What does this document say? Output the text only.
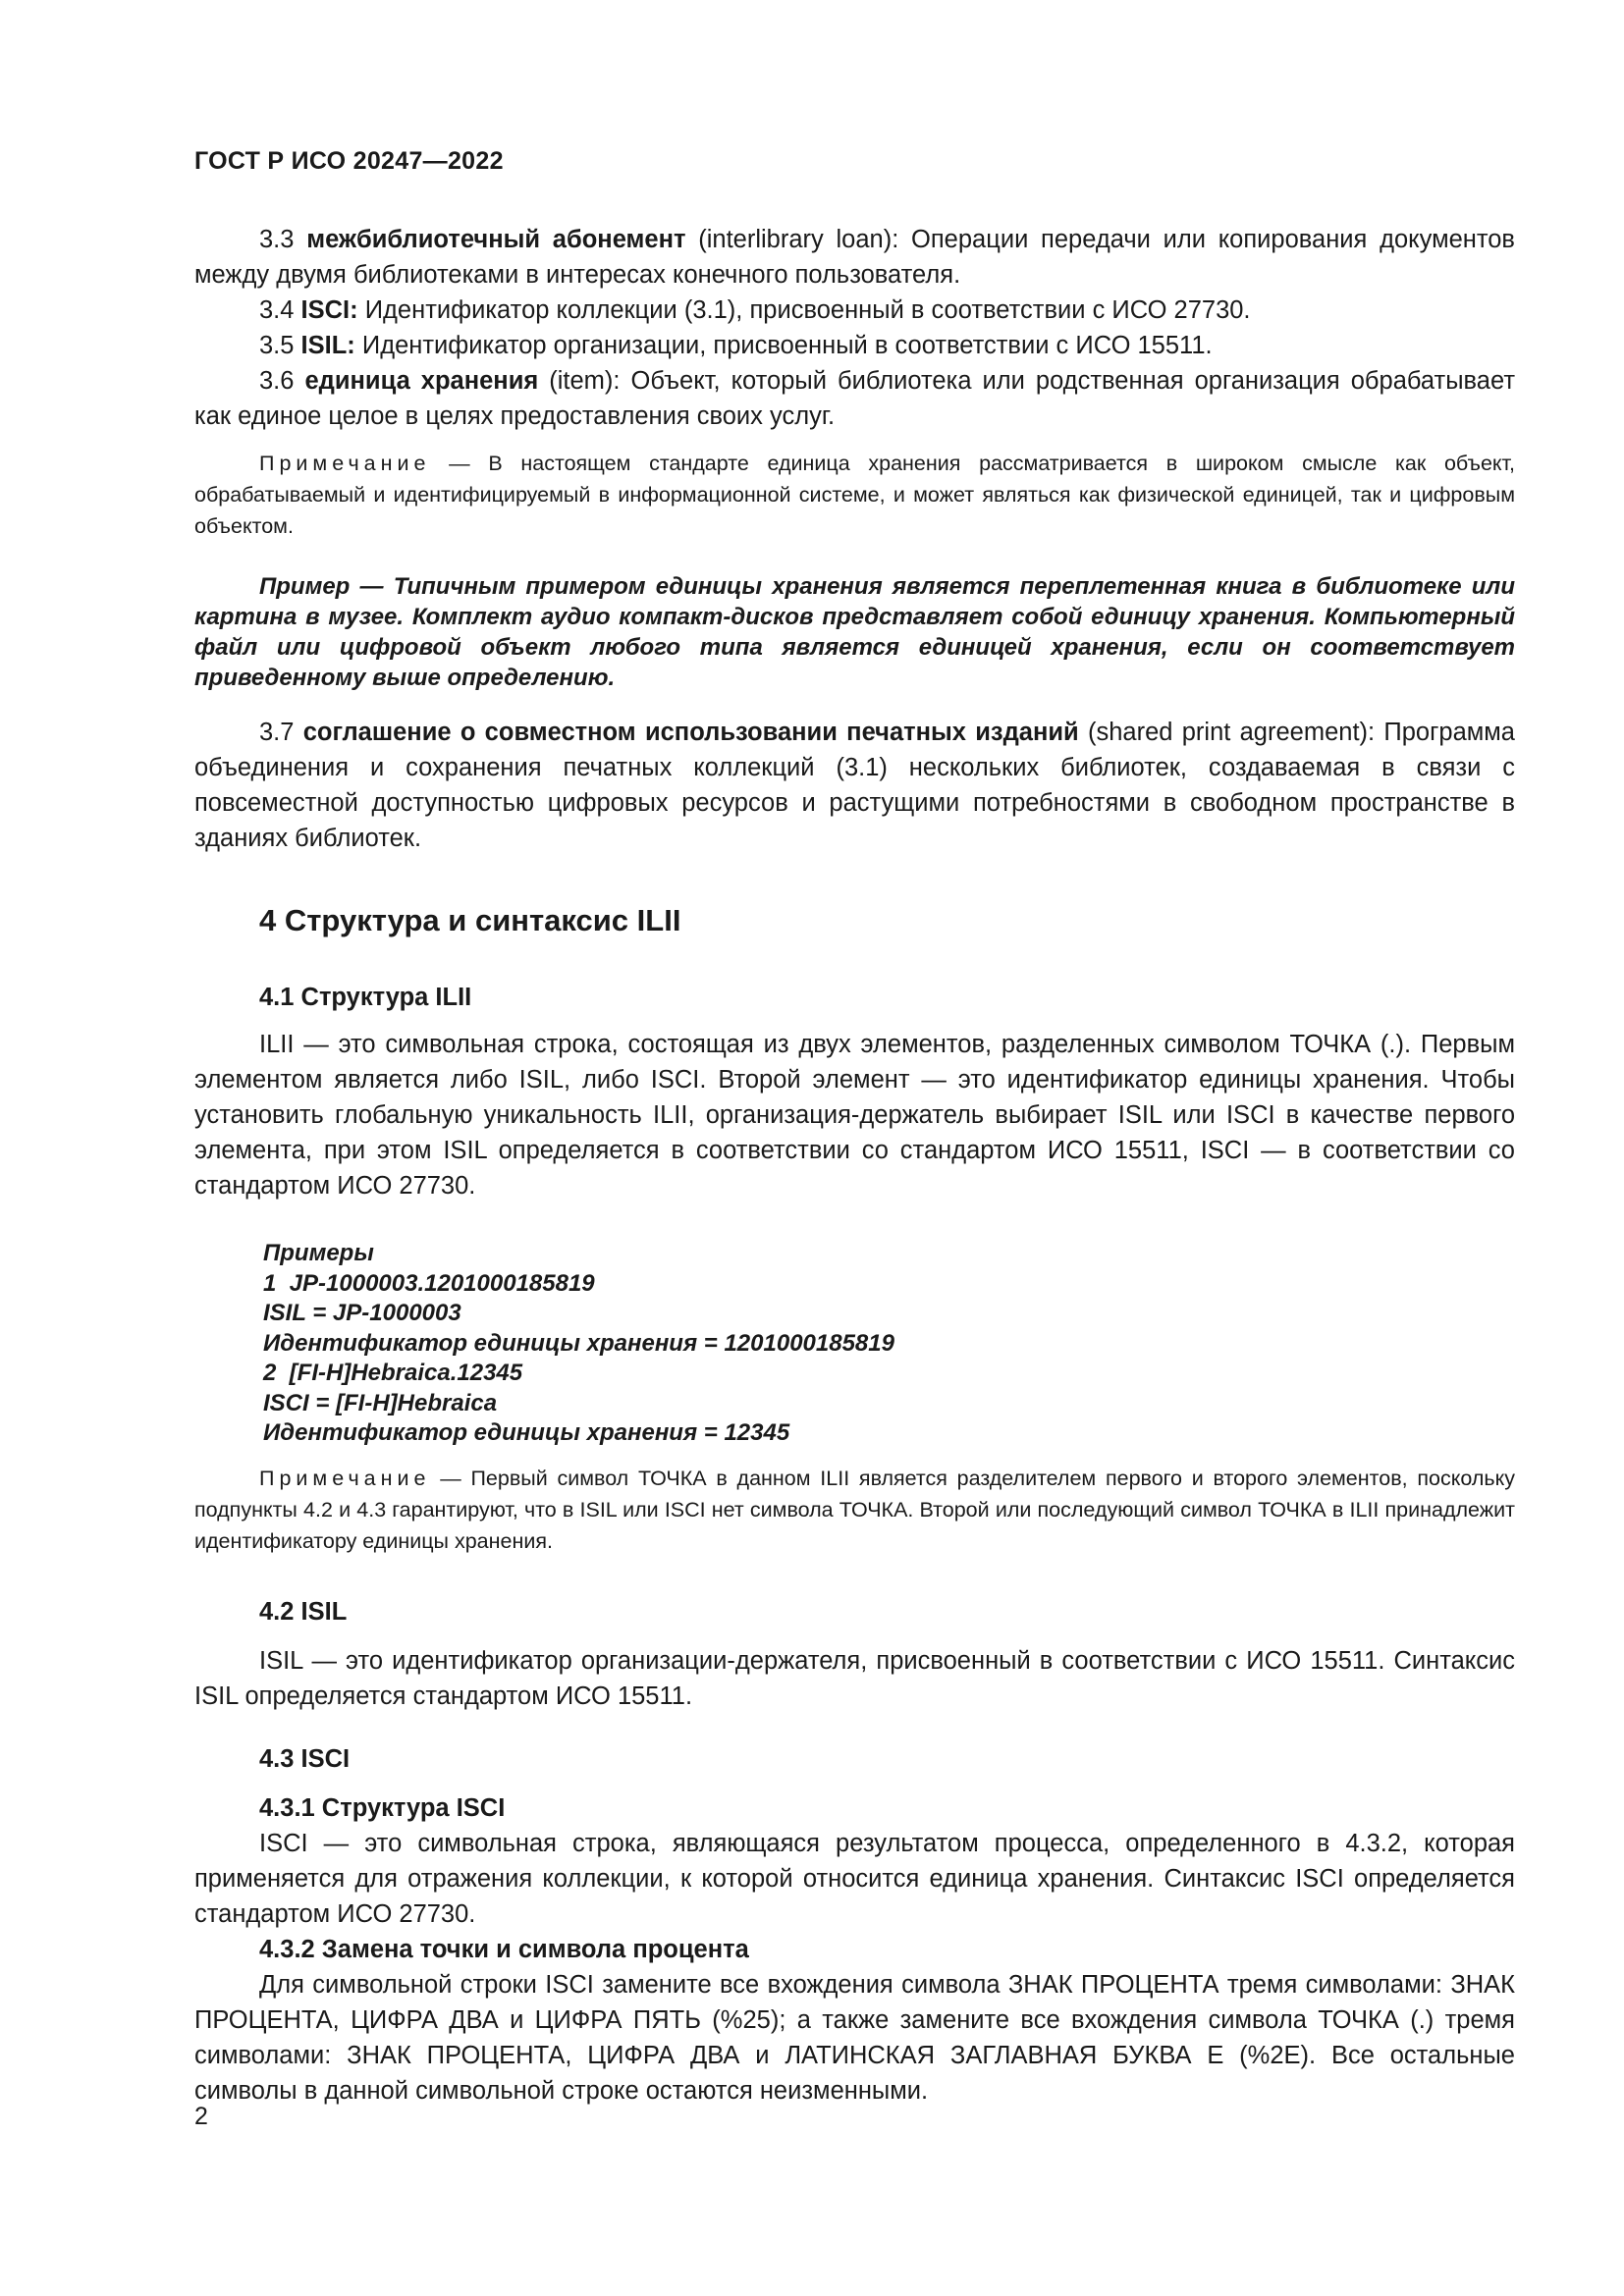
ГОСТ Р ИСО 20247—2022

3.3 межбиблиотечный абонемент (interlibrary loan): Операции передачи или копирования документов между двумя библиотеками в интересах конечного пользователя.

3.4 ISCI: Идентификатор коллекции (3.1), присвоенный в соответствии с ИСО 27730.

3.5 ISIL: Идентификатор организации, присвоенный в соответствии с ИСО 15511.

3.6 единица хранения (item): Объект, который библиотека или родственная организация обрабатывает как единое целое в целях предоставления своих услуг.

Примечание — В настоящем стандарте единица хранения рассматривается в широком смысле как объект, обрабатываемый и идентифицируемый в информационной системе, и может являться как физической единицей, так и цифровым объектом.

Пример — Типичным примером единицы хранения является переплетенная книга в библиотеке или картина в музее. Комплект аудио компакт-дисков представляет собой единицу хранения. Компьютерный файл или цифровой объект любого типа является единицей хранения, если он соответствует приведенному выше определению.

3.7 соглашение о совместном использовании печатных изданий (shared print agreement): Программа объединения и сохранения печатных коллекций (3.1) нескольких библиотек, создаваемая в связи с повсеместной доступностью цифровых ресурсов и растущими потребностями в свободном пространстве в зданиях библиотек.

4 Структура и синтаксис ILII
4.1 Структура ILII

ILII — это символьная строка, состоящая из двух элементов, разделенных символом ТОЧКА (.). Первым элементом является либо ISIL, либо ISCI. Второй элемент — это идентификатор единицы хранения. Чтобы установить глобальную уникальность ILII, организация-держатель выбирает ISIL или ISCI в качестве первого элемента, при этом ISIL определяется в соответствии со стандартом ИСО 15511, ISCI — в соответствии со стандартом ИСО 27730.

Примеры
1  JP-1000003.1201000185819
ISIL = JP-1000003
Идентификатор единицы хранения = 1201000185819
2  [FI-H]Hebraica.12345
ISCI = [FI-H]Hebraica
Идентификатор единицы хранения = 12345

Примечание — Первый символ ТОЧКА в данном ILII является разделителем первого и второго элементов, поскольку подпункты 4.2 и 4.3 гарантируют, что в ISIL или ISCI нет символа ТОЧКА. Второй или последующий символ ТОЧКА в ILII принадлежит идентификатору единицы хранения.

4.2 ISIL

ISIL — это идентификатор организации-держателя, присвоенный в соответствии с ИСО 15511. Синтаксис ISIL определяется стандартом ИСО 15511.

4.3 ISCI
4.3.1 Структура ISCI

ISCI — это символьная строка, являющаяся результатом процесса, определенного в 4.3.2, которая применяется для отражения коллекции, к которой относится единица хранения. Синтаксис ISCI определяется стандартом ИСО 27730.

4.3.2 Замена точки и символа процента

Для символьной строки ISCI замените все вхождения символа ЗНАК ПРОЦЕНТА тремя символами: ЗНАК ПРОЦЕНТА, ЦИФРА ДВА и ЦИФРА ПЯТЬ (%25); а также замените все вхождения символа ТОЧКА (.) тремя символами: ЗНАК ПРОЦЕНТА, ЦИФРА ДВА и ЛАТИНСКАЯ ЗАГЛАВНАЯ БУКВА E (%2E). Все остальные символы в данной символьной строке остаются неизменными.

2
